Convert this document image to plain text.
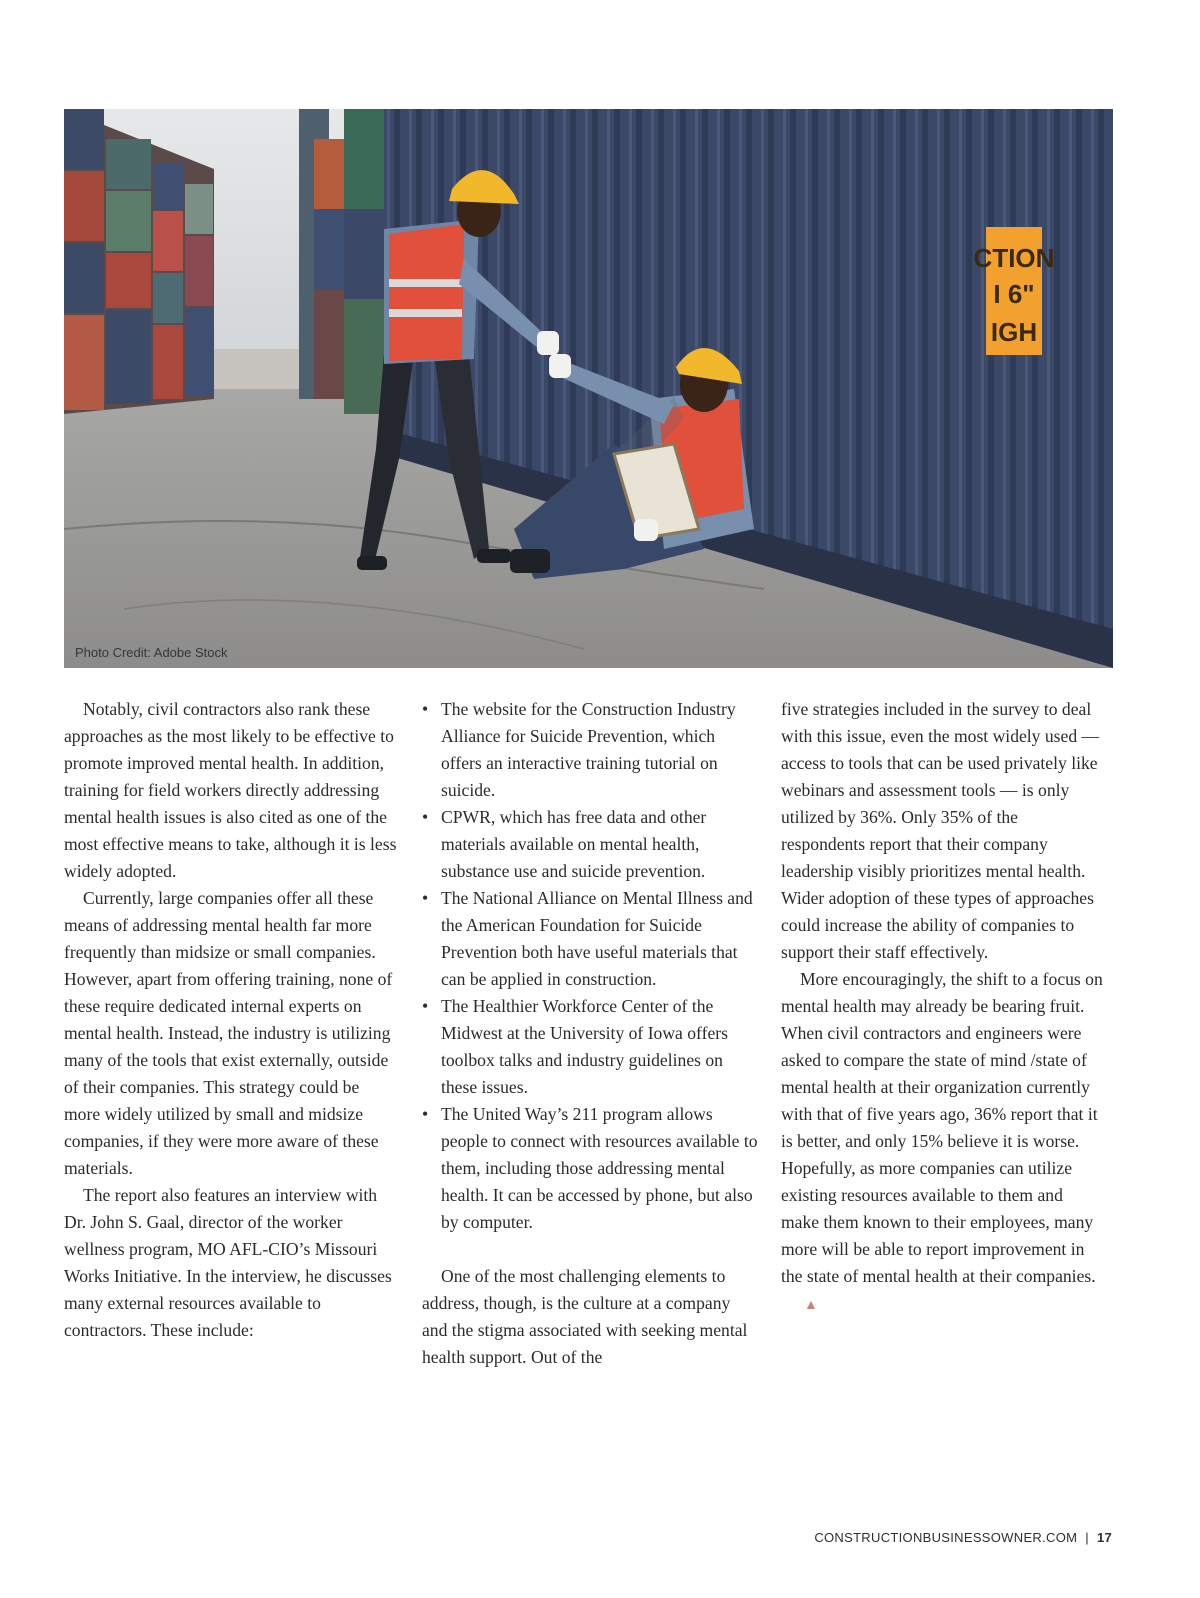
CTION
I 6"
IGH
Photo Credit: Adobe Stock

Notably, civil contractors also rank these approaches as the most likely to be effective to promote improved mental health. In addition, training for field workers directly addressing mental health issues is also cited as one of the most effective means to take, although it is less widely adopted.

Currently, large companies offer all these means of addressing mental health far more frequently than midsize or small companies. However, apart from offering training, none of these require dedicated internal experts on mental health. Instead, the industry is utilizing many of the tools that exist externally, outside of their companies. This strategy could be more widely utilized by small and midsize companies, if they were more aware of these materials.

The report also features an interview with Dr. John S. Gaal, director of the worker wellness program, MO AFL-CIO’s Missouri Works Initiative. In the interview, he discusses many external resources available to contractors. These include:

• The website for the Construction Industry Alliance for Suicide Prevention, which offers an interactive training tutorial on suicide.
• CPWR, which has free data and other materials available on mental health, substance use and suicide prevention.
• The National Alliance on Mental Illness and the American Foundation for Suicide Prevention both have useful materials that can be applied in construction.
• The Healthier Workforce Center of the Midwest at the University of Iowa offers toolbox talks and industry guidelines on these issues.
• The United Way’s 211 program allows people to connect with resources available to them, including those addressing mental health. It can be accessed by phone, but also by computer.

One of the most challenging elements to address, though, is the culture at a company and the stigma associated with seeking mental health support. Out of the

five strategies included in the survey to deal with this issue, even the most widely used — access to tools that can be used privately like webinars and assessment tools — is only utilized by 36%. Only 35% of the respondents report that their company leadership visibly prioritizes mental health. Wider adoption of these types of approaches could increase the ability of companies to support their staff effectively.

More encouragingly, the shift to a focus on mental health may already be bearing fruit. When civil contractors and engineers were asked to compare the state of mind /state of mental health at their organization currently with that of five years ago, 36% report that it is better, and only 15% believe it is worse. Hopefully, as more companies can utilize existing resources available to them and make them known to their employees, many more will be able to report improvement in the state of mental health at their companies.▲

CONSTRUCTIONBUSINESSOWNER.COM | 17
